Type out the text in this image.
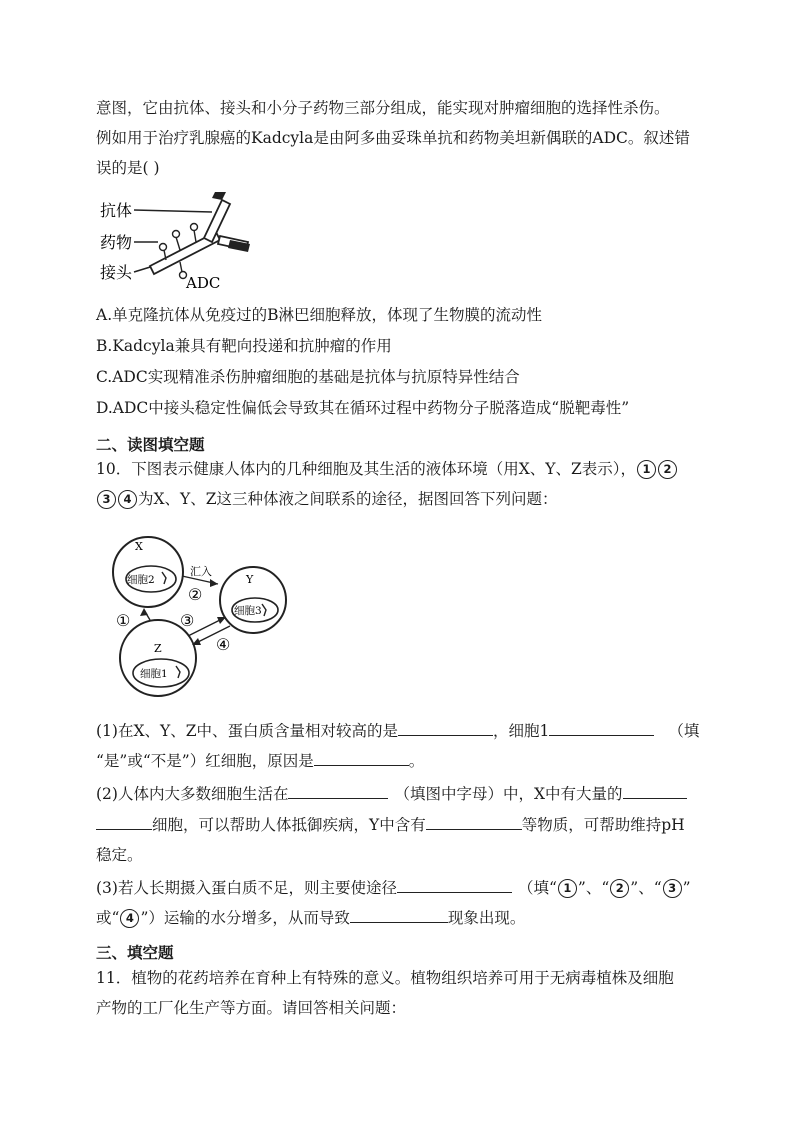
意图，它由抗体、接头和小分子药物三部分组成，能实现对肿瘤细胞的选择性杀伤。
例如用于治疗乳腺癌的Kadcyla是由阿多曲妥珠单抗和药物美坦新偶联的ADC。叙述错
误的是( )
抗体
药物
接头
ADC
A.单克隆抗体从免疫过的B淋巴细胞释放，体现了生物膜的流动性
B.Kadcyla兼具有靶向投递和抗肿瘤的作用
C.ADC实现精准杀伤肿瘤细胞的基础是抗体与抗原特异性结合
D.ADC中接头稳定性偏低会导致其在循环过程中药物分子脱落造成“脱靶毒性”
二、读图填空题
10．下图表示健康人体内的几种细胞及其生活的液体环境（用X、Y、Z表示）， 1 2
3 4 为X、Y、Z这三种体液之间联系的途径，据图回答下列问题：
X
细胞2	Y
细胞3
Z
细胞1
汇入
②
①	③
④
(1)在X、Y、Z中、蛋白质含量相对较高的是	，细胞1	（填
“是”或“不是”）红细胞，原因是	。
(2)人体内大多数细胞生活在	（填图中字母）中，X中有大量的
细胞，可以帮助人体抵御疾病，Y中含有	等物质，可帮助维持pH
稳定。
(3)若人长期摄入蛋白质不足，则主要使途径	（填“ 1 ”、“ 2 ”、“ 3 ”
或“ 4 ”）运输的水分增多，从而导致	现象出现。
三、填空题
11．植物的花药培养在育种上有特殊的意义。植物组织培养可用于无病毒植株及细胞
产物的工厂化生产等方面。请回答相关问题：
